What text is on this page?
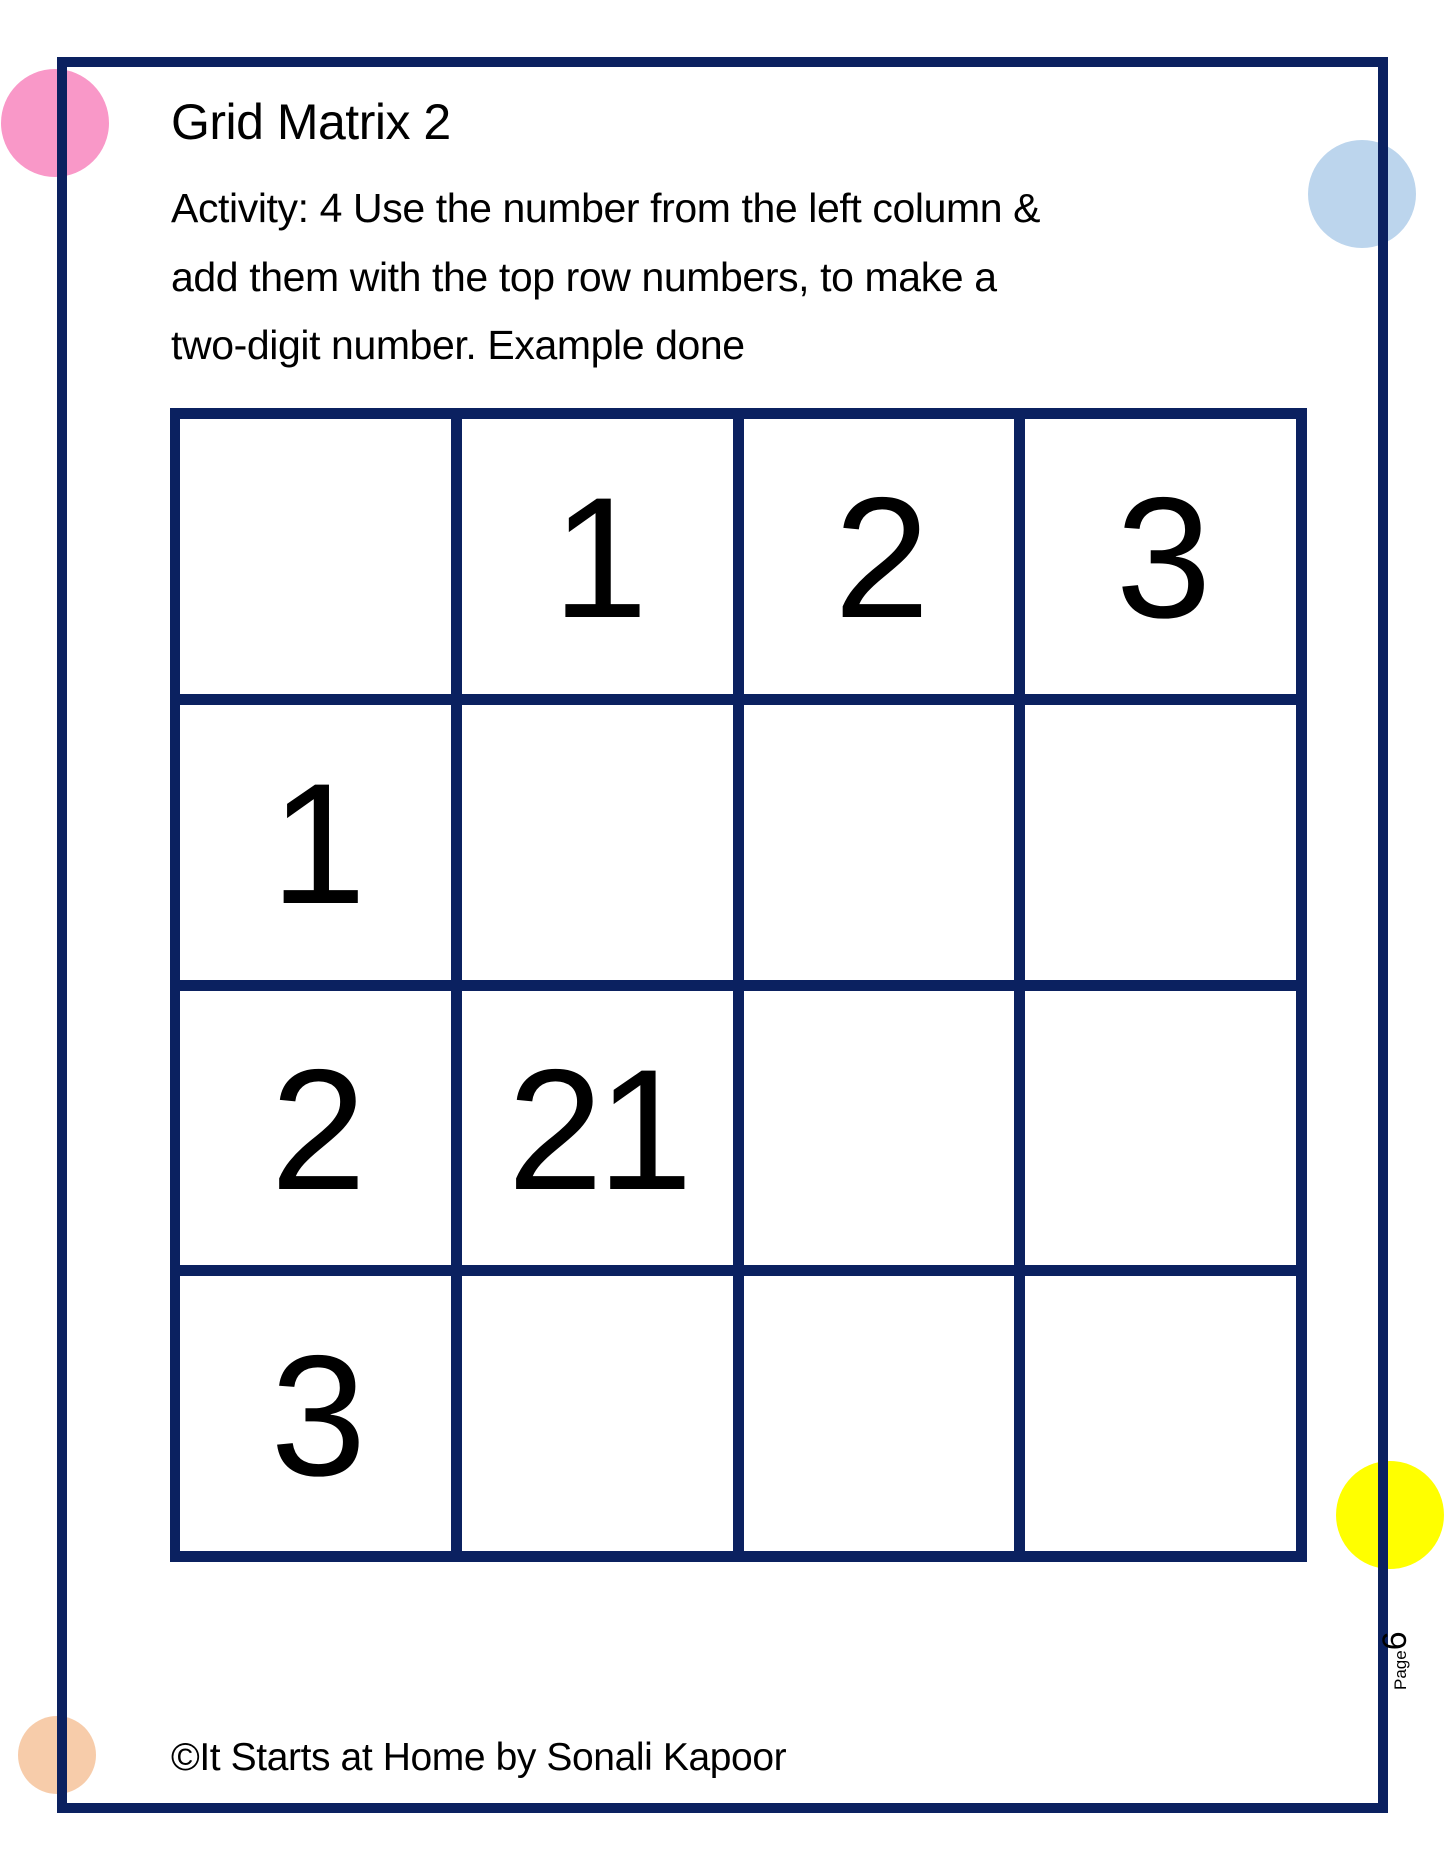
Grid Matrix 2
Activity: 4 Use the number from the left column &
add them with the top row numbers, to make a
two-digit number. Example done
1	2	3
1
2 21
3
©It Starts at Home by Sonali Kapoor
Page6
